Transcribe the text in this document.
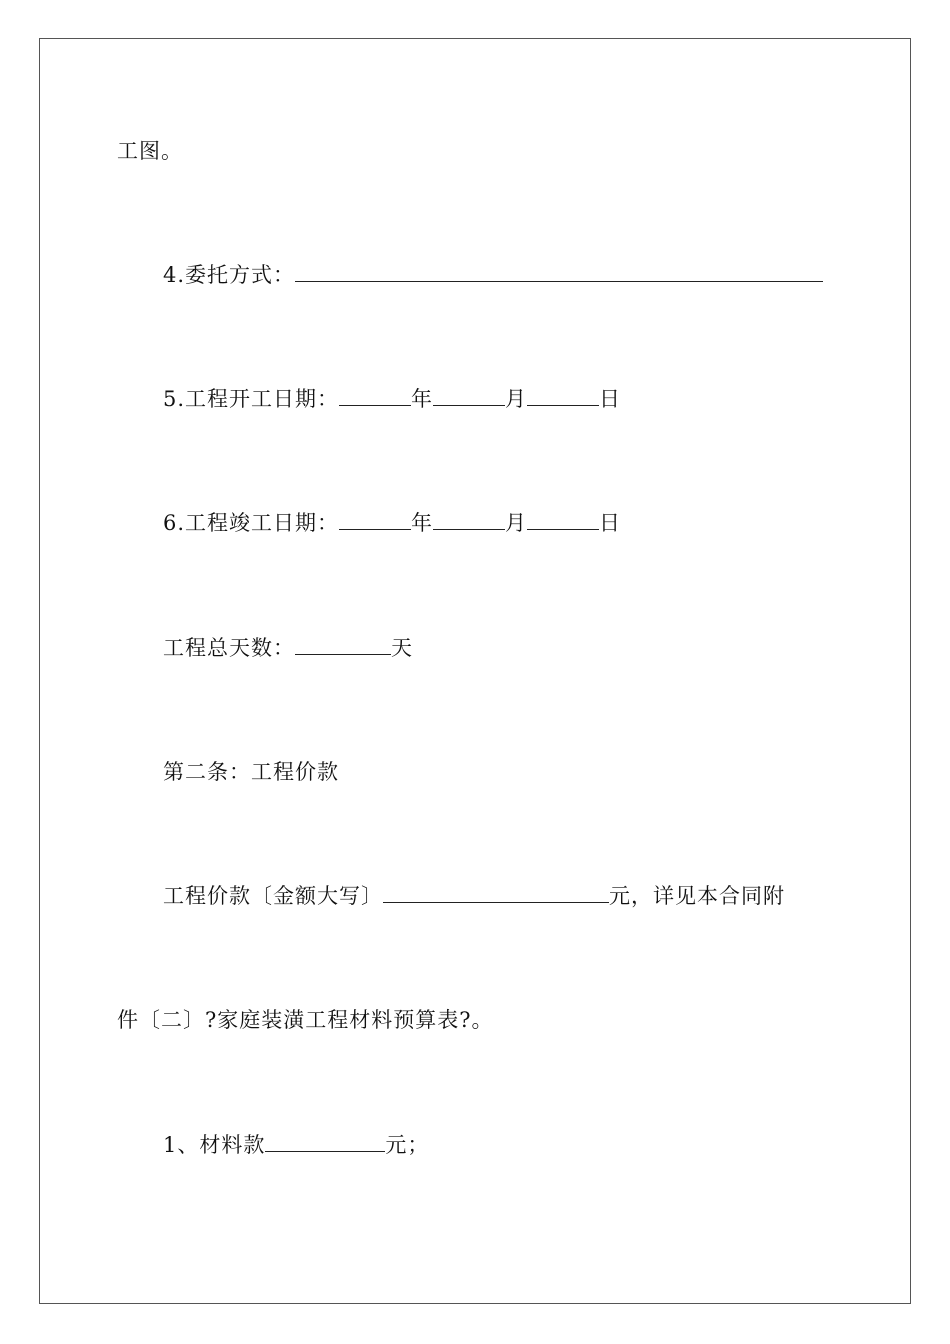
工图。
4.委托方式：
5.工程开工日期：	年	月	日
6.工程竣工日期：	年	月	日
工程总天数：	天
第二条：工程价款
工程价款〔金额大写〕	元，详见本合同附
件〔二〕?家庭装潢工程材料预算表?。
1、材料款	元；
